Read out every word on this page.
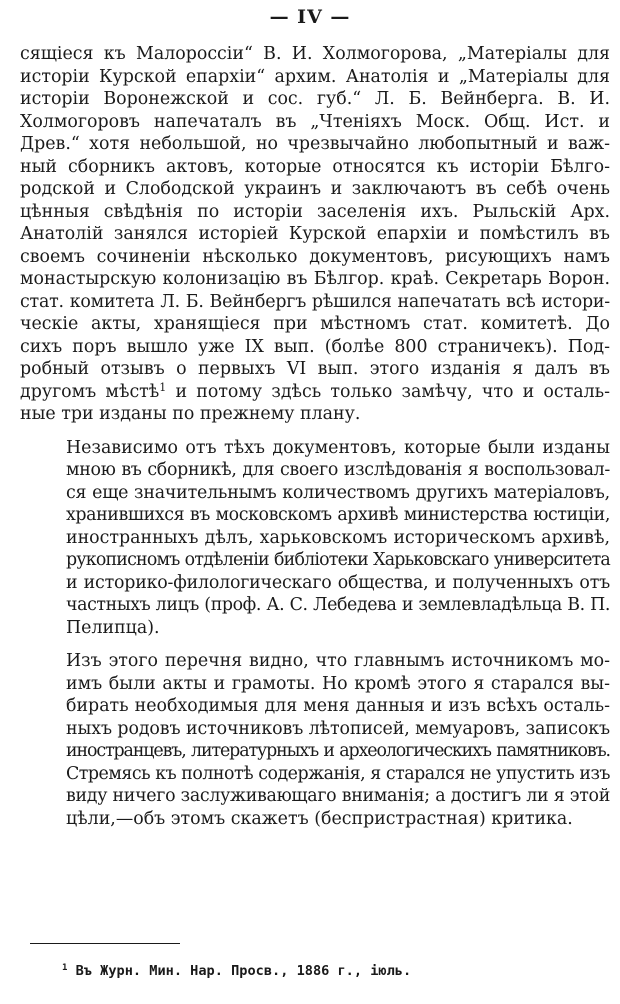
— IV —

сящіеся къ Малороссіи“ В. И. Холмогорова, „Матеріалы для
исторіи Курской епархіи“ архим. Анатолія и „Матеріалы для
исторіи Воронежской и сос. губ.“ Л. Б. Вейнберга. В. И.
Холмогоровъ напечаталъ въ „Чтеніяхъ Моск. Общ. Ист. и
Древ.“ хотя небольшой, но чрезвычайно любопытный и важ-
ный сборникъ актовъ, которые относятся къ исторіи Бѣлго-
родской и Слободской украинъ и заключаютъ въ себѣ очень
цѣнныя свѣдѣнія по исторіи заселенія ихъ. Рыльскій Арх.
Анатолій занялся исторіей Курской епархіи и помѣстилъ въ
своемъ сочиненіи нѣсколько документовъ, рисующихъ намъ
монастырскую колонизацію въ Бѣлгор. краѣ. Секретарь Ворон.
стат. комитета Л. Б. Вейнбергъ рѣшился напечатать всѣ истори-
ческіе акты, хранящіеся при мѣстномъ стат. комитетѣ. До
сихъ поръ вышло уже IX вып. (болѣе 800 страничекъ). Под-
робный отзывъ о первыхъ VI вып. этого изданія я далъ въ
другомъ мѣстѣ$^1$ и потому здѣсь только замѣчу, что и осталь-
ные три изданы по прежнему плану.

Независимо отъ тѣхъ документовъ, которые были изданы
мною въ сборникѣ, для своего изслѣдованія я воспользовал-
ся еще значительнымъ количествомъ другихъ матеріаловъ,
хранившихся въ московскомъ архивѣ министерства юстиціи,
иностранныхъ дѣлъ, харьковскомъ историческомъ архивѣ,
рукописномъ отдѣленіи библіотеки Харьковскаго университета
и историко-филологическаго общества, и полученныхъ отъ
частныхъ лицъ (проф. А. С. Лебедева и землевладѣльца В. П.
Пелипца).

Изъ этого перечня видно, что главнымъ источникомъ мо-
имъ были акты и грамоты. Но кромѣ этого я старался вы-
бирать необходимыя для меня данныя и изъ всѣхъ осталь-
ныхъ родовъ источниковъ лѣтописей, мемуаровъ, записокъ
иностранцевъ, литературныхъ и археологическихъ памятниковъ.
Стремясь къ полнотѣ содержанія, я старался не упустить изъ
виду ничего заслуживающаго вниманія; а достигъ ли я этой
цѣли,—объ этомъ скажетъ (беспристрастная) критика.

$^1$ Въ Журн. Мин. Нар. Просв., 1886 г., іюль.
